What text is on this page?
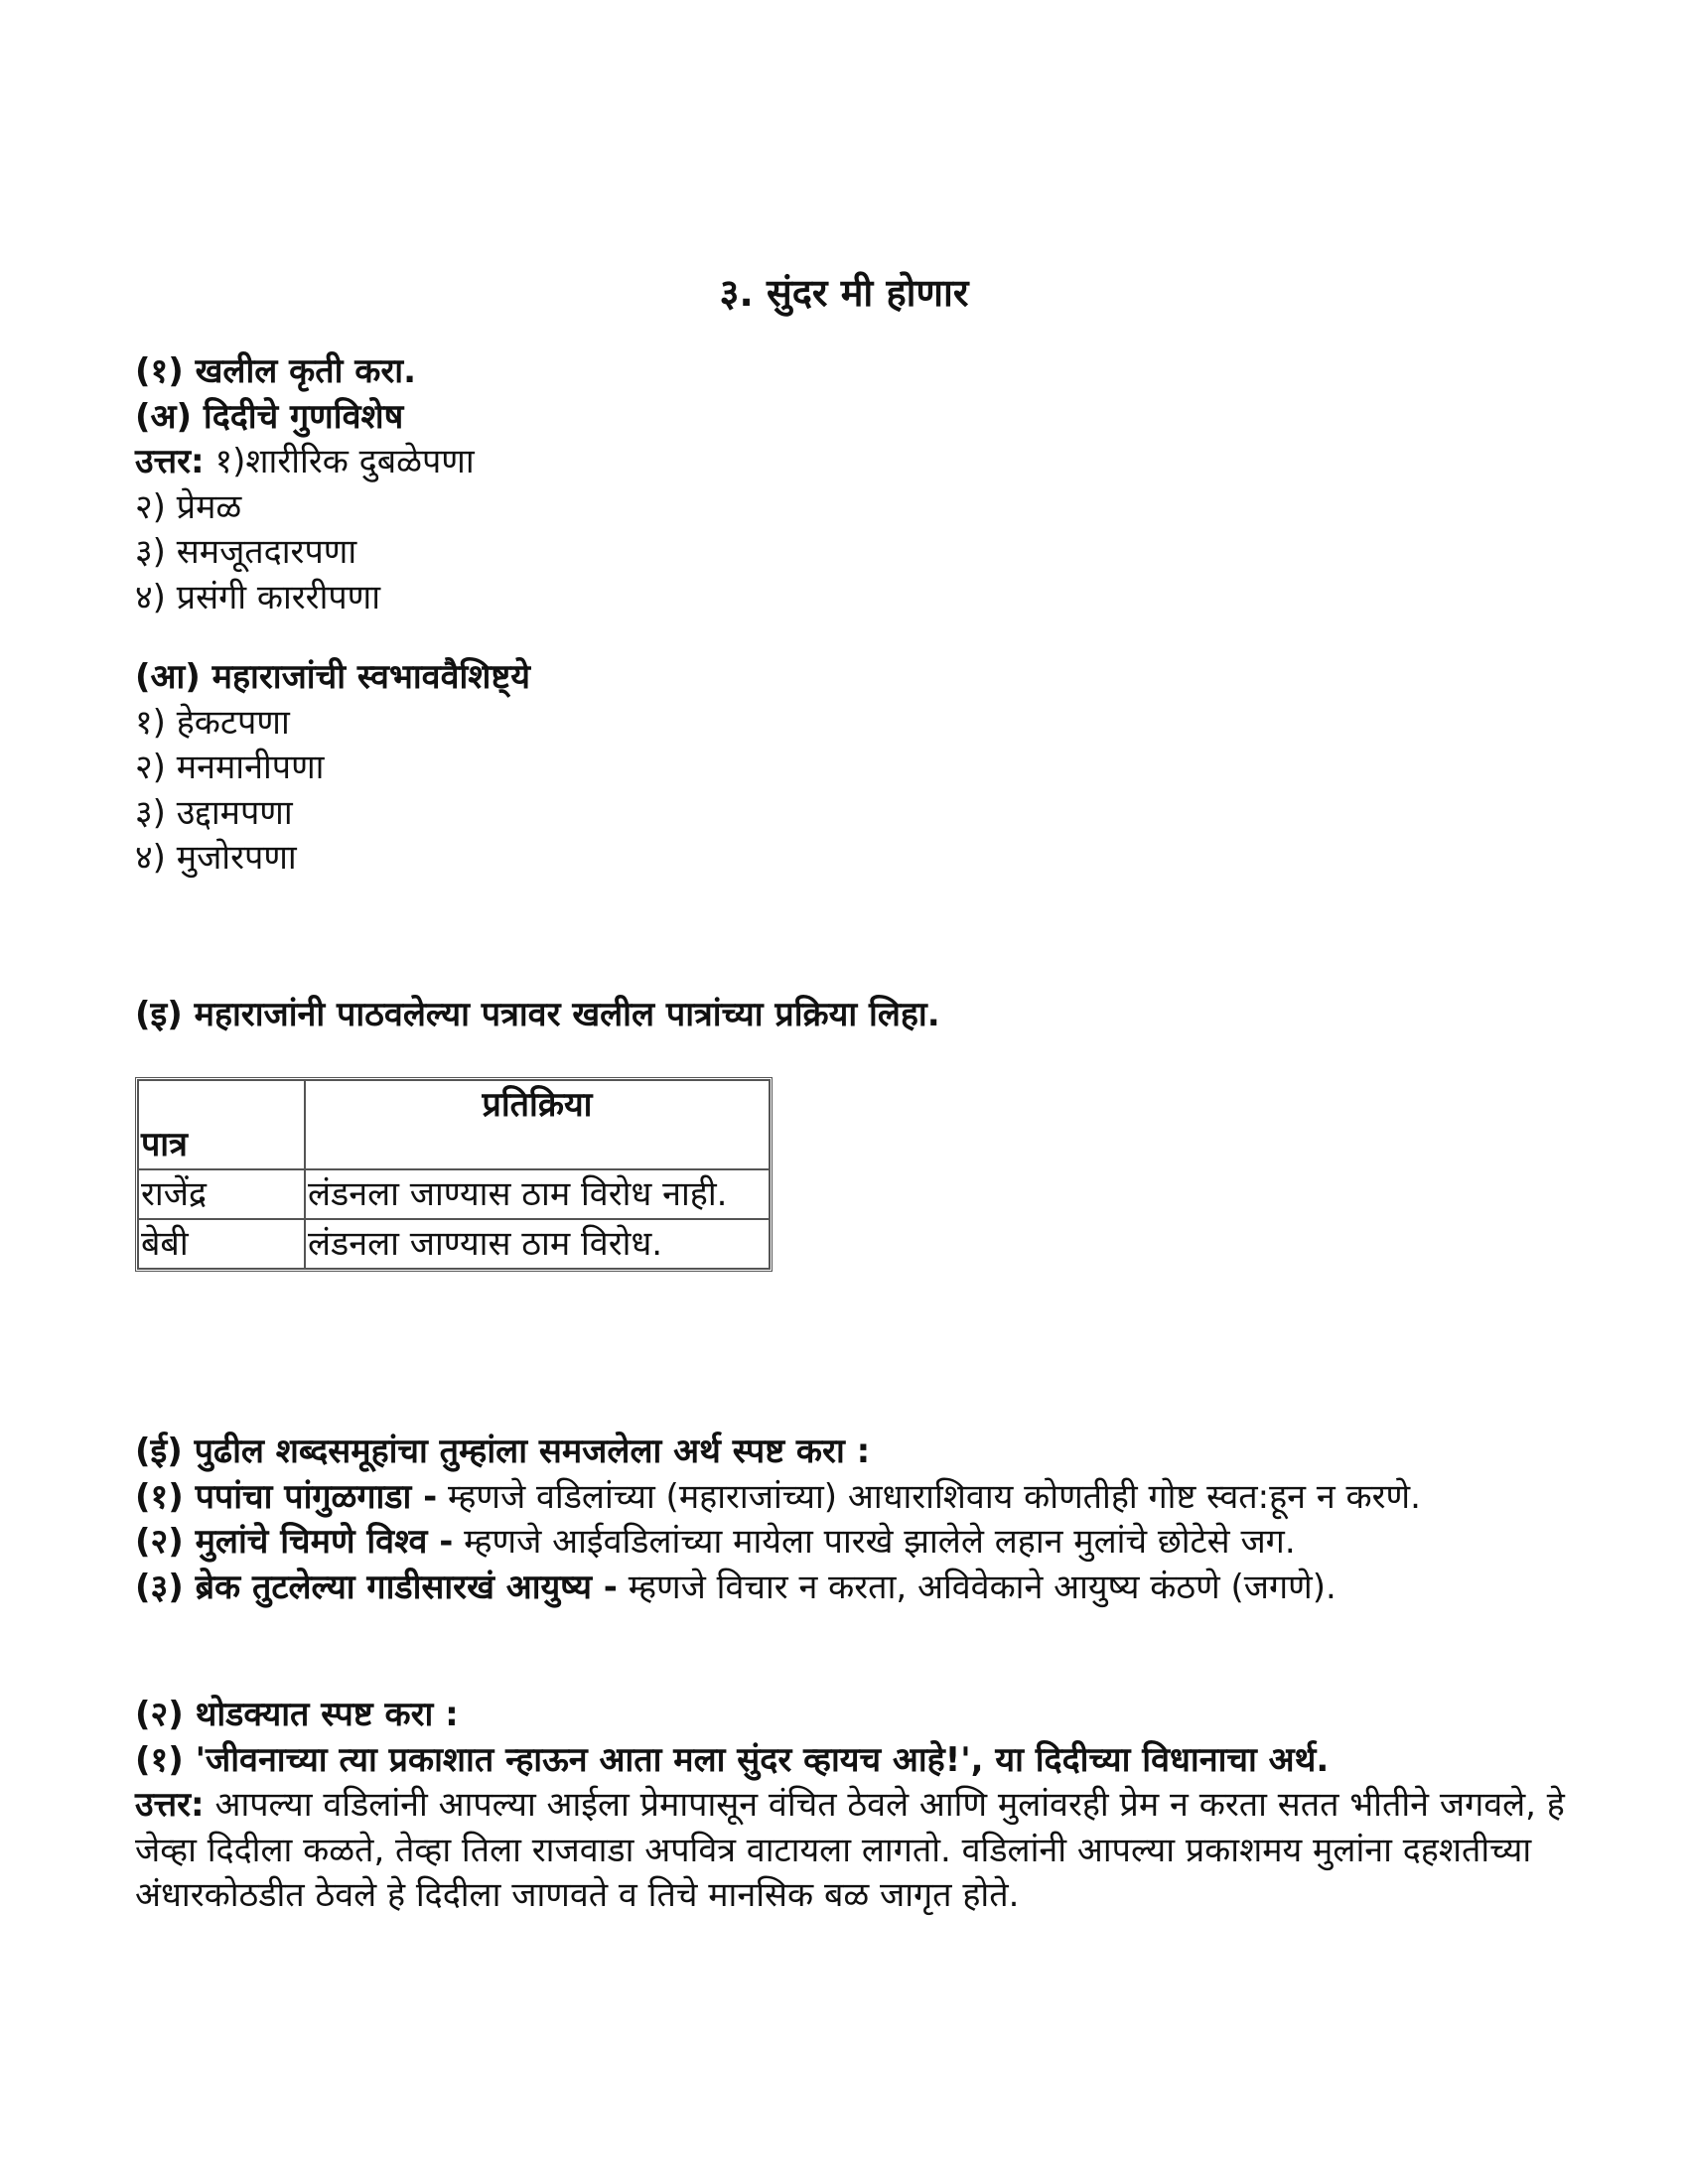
३. सुंदर मी होणार
(१) खलील कृती करा.
(अ) दिदीचे गुणविशेष
उत्तर: १)शारीरिक दुबळेपणा
२) प्रेमळ
३) समजूतदारपणा
४) प्रसंगी काररीपणा
(आ) महाराजांची स्वभाववैशिष्ट्ये
१) हेकटपणा
२) मनमानीपणा
३) उद्दामपणा
४) मुजोरपणा
(इ) महाराजांनी पाठवलेल्या पत्रावर खलील पात्रांच्या प्रक्रिया लिहा.
पात्र	प्रतिक्रिया
राजेंद्र	लंडनला जाण्यास ठाम विरोध नाही.
बेबी	लंडनला जाण्यास ठाम विरोध.
(ई) पुढील शब्दसमूहांचा तुम्हांला समजलेला अर्थ स्पष्ट करा :
(१) पपांचा पांगुळगाडा - म्हणजे वडिलांच्या (महाराजांच्या) आधाराशिवाय कोणतीही गोष्ट स्वत:हून न करणे.
(२) मुलांचे चिमणे विश्व - म्हणजे आईवडिलांच्या मायेला पारखे झालेले लहान मुलांचे छोटेसे जग.
(३) ब्रेक तुटलेल्या गाडीसारखं आयुष्य - म्हणजे विचार न करता, अविवेकाने आयुष्य कंठणे (जगणे).
(२) थोडक्यात स्पष्ट करा :
(१) 'जीवनाच्या त्या प्रकाशात न्हाऊन आता मला सुंदर व्हायच आहे!', या दिदीच्या विधानाचा अर्थ.
उत्तर: आपल्या वडिलांनी आपल्या आईला प्रेमापासून वंचित ठेवले आणि मुलांवरही प्रेम न करता सतत भीतीने जगवले, हे जेव्हा दिदीला कळते, तेव्हा तिला राजवाडा अपवित्र वाटायला लागतो. वडिलांनी आपल्या प्रकाशमय मुलांना दहशतीच्या अंधारकोठडीत ठेवले हे दिदीला जाणवते व तिचे मानसिक बळ जागृत होते.
